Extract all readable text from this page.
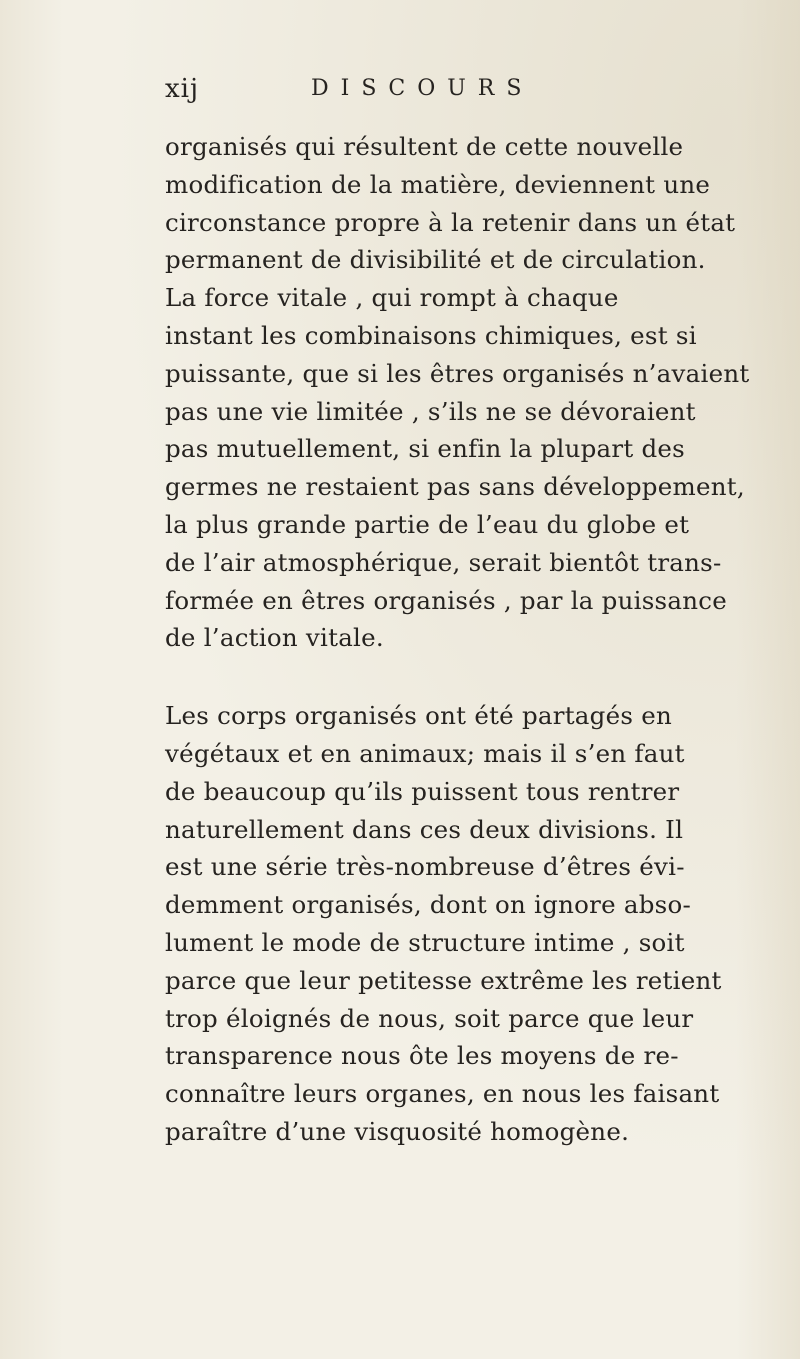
xij	DISCOURS
organisés qui résultent de cette nouvelle
modification de la matière, deviennent une
circonstance propre à la retenir dans un état
permanent de divisibilité et de circulation.
La force vitale , qui rompt à chaque
instant les combinaisons chimiques, est si
puissante, que si les êtres organisés n’avaient
pas une vie limitée , s’ils ne se dévoraient
pas mutuellement, si enfin la plupart des
germes ne restaient pas sans développement,
la plus grande partie de l’eau du globe et
de l’air atmosphérique, serait bientôt trans-
formée en êtres organisés , par la puissance
de l’action vitale.
Les corps organisés ont été partagés en
végétaux et en animaux; mais il s’en faut
de beaucoup qu’ils puissent tous rentrer
naturellement dans ces deux divisions. Il
est une série très-nombreuse d’êtres évi-
demment organisés, dont on ignore abso-
lument le mode de structure intime , soit
parce que leur petitesse extrême les retient
trop éloignés de nous, soit parce que leur
transparence nous ôte les moyens de re-
connaître leurs organes, en nous les faisant
paraître d’une visquosité homogène.
